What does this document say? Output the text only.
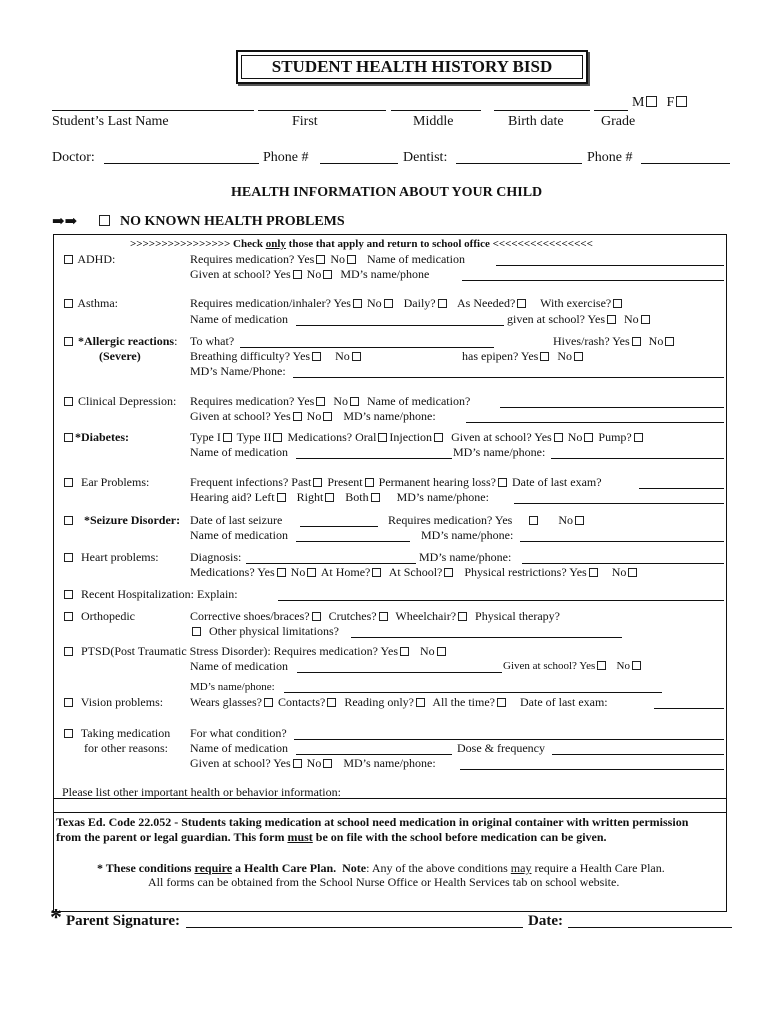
STUDENT HEALTH HISTORY BISD
M F
Student’s Last Name	First	Middle	Birth date	Grade
Doctor:	Phone #	Dentist:	Phone #
HEALTH INFORMATION ABOUT YOUR CHILD
➡➡	NO KNOWN HEALTH PROBLEMS
>>>>>>>>>>>>>>>> Check only those that apply and return to school office <<<<<<<<<<<<<<<<
ADHD:	Requires medication? Yes No Name of medication
Given at school? Yes No MD’s name/phone
Asthma:	Requires medication/inhaler? Yes No Daily? As Needed? With exercise?
Name of medication	given at school? Yes No
*Allergic reactions:
(Severe)
To what?	Hives/rash? Yes No
Breathing difficulty? Yes No	has epipen? Yes No
MD’s Name/Phone:
Clinical Depression: Requires medication? Yes No Name of medication?
Given at school? Yes No MD’s name/phone:
*Diabetes:	Type I Type II Medications? Oral Injection Given at school? Yes No Pump?
Name of medication	MD’s name/phone:
Ear Problems:	Frequent infections? Past Present Permanent hearing loss? Date of last exam?
Hearing aid? Left Right Both MD’s name/phone:
*Seizure Disorder: Date of last seizure	Requires medication? Yes	No
Name of medication	MD’s name/phone:
Heart problems:	Diagnosis:	MD’s name/phone:
Medications? Yes No At Home? At School? Physical restrictions? Yes No
Recent Hospitalization: Explain:
Orthopedic	Corrective shoes/braces? Crutches? Wheelchair? Physical therapy?
Other physical limitations?
PTSD(Post Traumatic Stress Disorder): Requires medication? Yes No
Name of medication	Given at school? Yes No
MD’s name/phone:
Vision problems: Wears glasses? Contacts? Reading only? All the time? Date of last exam:
Taking medication
for other reasons:
For what condition?
Name of medication	Dose & frequency
Given at school? Yes No MD’s name/phone:
Please list other important health or behavior information:
Texas Ed. Code 22.052 - Students taking medication at school need medication in original container with written permission
from the parent or legal guardian. This form must be on file with the school before medication can be given.
* These conditions require a Health Care Plan. Note: Any of the above conditions may require a Health Care Plan.
All forms can be obtained from the School Nurse Office or Health Services tab on school website.
* Parent Signature:	Date:
